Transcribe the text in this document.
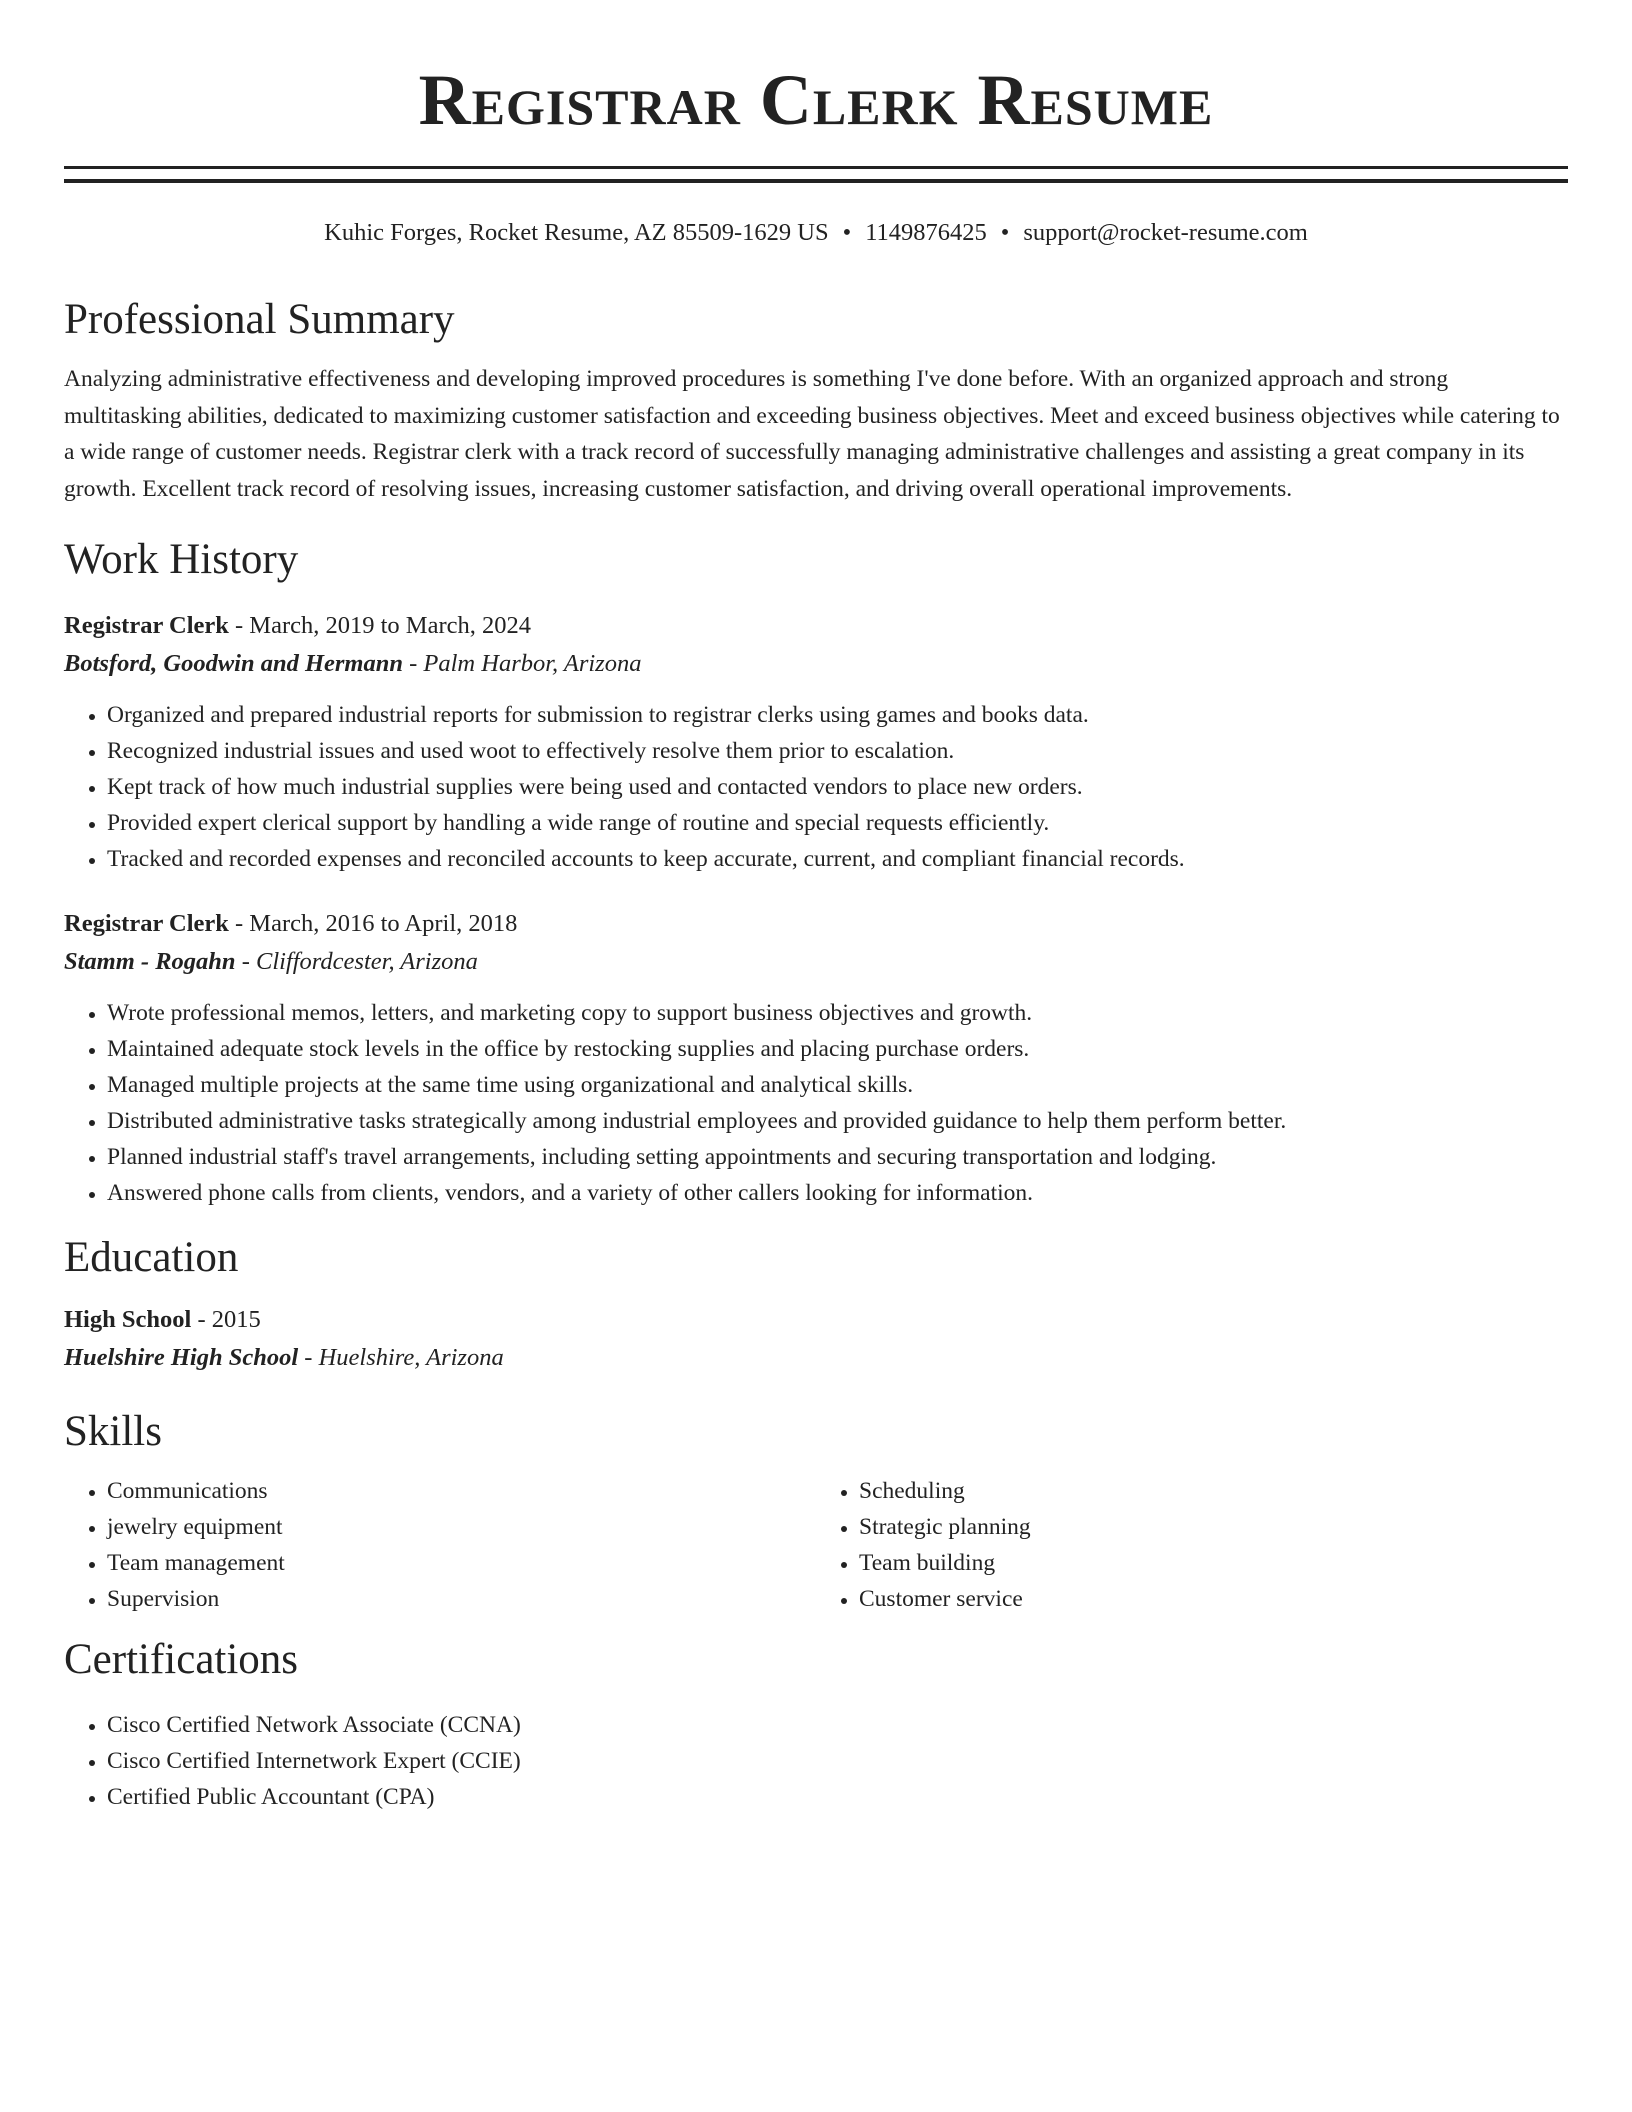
Registrar Clerk Resume
Kuhic Forges, Rocket Resume, AZ 85509-1629 US • 1149876425 • support@rocket-resume.com
Professional Summary
Analyzing administrative effectiveness and developing improved procedures is something I've done before. With an organized approach and strong multitasking abilities, dedicated to maximizing customer satisfaction and exceeding business objectives. Meet and exceed business objectives while catering to a wide range of customer needs. Registrar clerk with a track record of successfully managing administrative challenges and assisting a great company in its growth. Excellent track record of resolving issues, increasing customer satisfaction, and driving overall operational improvements.
Work History
Registrar Clerk - March, 2019 to March, 2024
Botsford, Goodwin and Hermann - Palm Harbor, Arizona
• Organized and prepared industrial reports for submission to registrar clerks using games and books data.
• Recognized industrial issues and used woot to effectively resolve them prior to escalation.
• Kept track of how much industrial supplies were being used and contacted vendors to place new orders.
• Provided expert clerical support by handling a wide range of routine and special requests efficiently.
• Tracked and recorded expenses and reconciled accounts to keep accurate, current, and compliant financial records.
Registrar Clerk - March, 2016 to April, 2018
Stamm - Rogahn - Cliffordcester, Arizona
• Wrote professional memos, letters, and marketing copy to support business objectives and growth.
• Maintained adequate stock levels in the office by restocking supplies and placing purchase orders.
• Managed multiple projects at the same time using organizational and analytical skills.
• Distributed administrative tasks strategically among industrial employees and provided guidance to help them perform better.
• Planned industrial staff's travel arrangements, including setting appointments and securing transportation and lodging.
• Answered phone calls from clients, vendors, and a variety of other callers looking for information.
Education
High School - 2015
Huelshire High School - Huelshire, Arizona
Skills
• Communications
• jewelry equipment
• Team management
• Supervision
• Scheduling
• Strategic planning
• Team building
• Customer service
Certifications
• Cisco Certified Network Associate (CCNA)
• Cisco Certified Internetwork Expert (CCIE)
• Certified Public Accountant (CPA)
